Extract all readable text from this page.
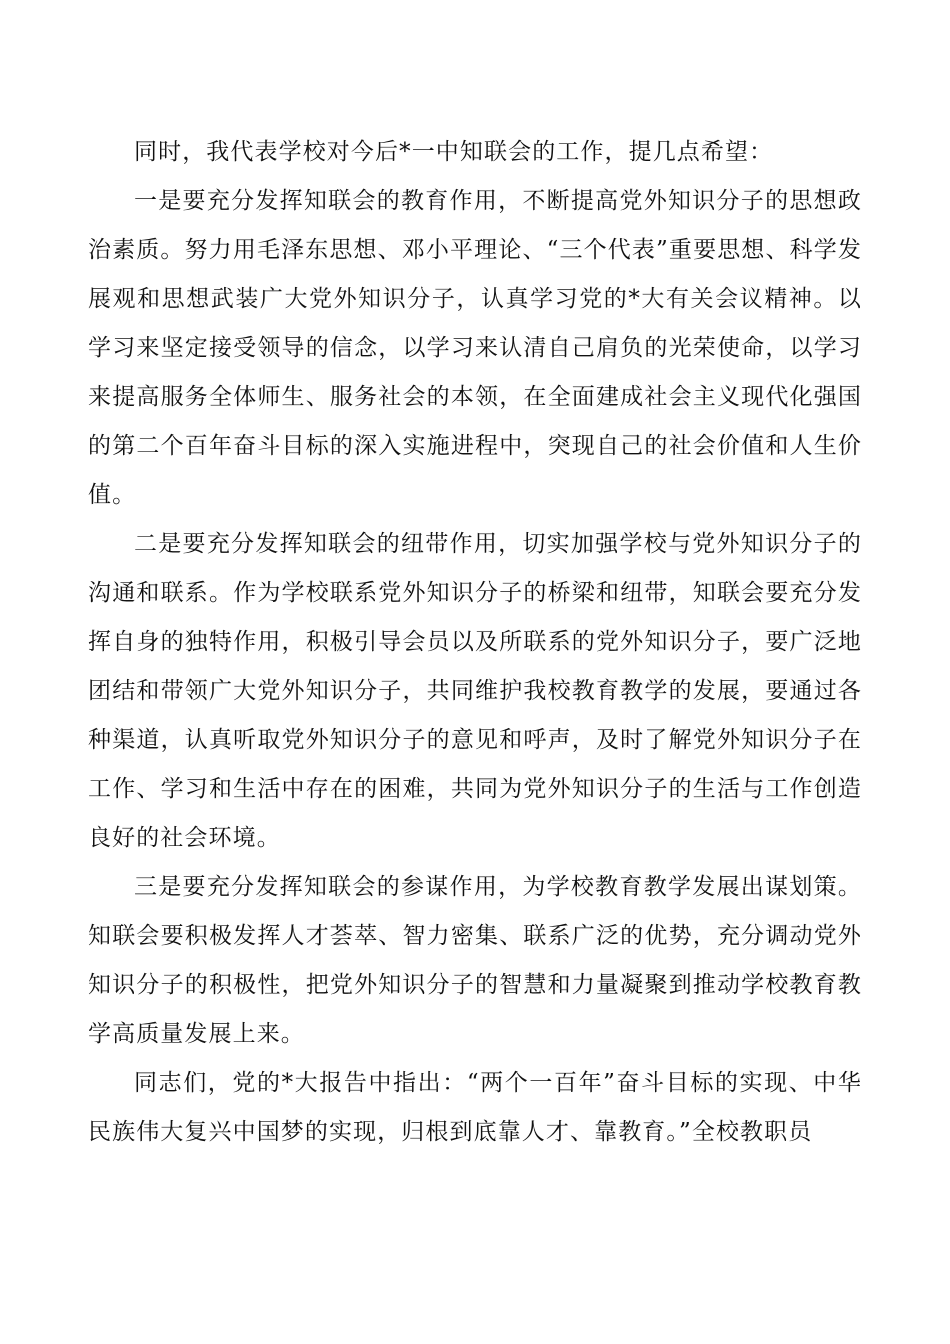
同时，我代表学校对今后*一中知联会的工作，提几点希望：

一是要充分发挥知联会的教育作用，不断提高党外知识分子的思想政治素质。努力用毛泽东思想、邓小平理论、“三个代表”重要思想、科学发展观和思想武装广大党外知识分子，认真学习党的*大有关会议精神。以学习来坚定接受领导的信念，以学习来认清自己肩负的光荣使命，以学习来提高服务全体师生、服务社会的本领，在全面建成社会主义现代化强国的第二个百年奋斗目标的深入实施进程中，突现自己的社会价值和人生价值。

二是要充分发挥知联会的纽带作用，切实加强学校与党外知识分子的沟通和联系。作为学校联系党外知识分子的桥梁和纽带，知联会要充分发挥自身的独特作用，积极引导会员以及所联系的党外知识分子，要广泛地团结和带领广大党外知识分子，共同维护我校教育教学的发展，要通过各种渠道，认真听取党外知识分子的意见和呼声，及时了解党外知识分子在工作、学习和生活中存在的困难，共同为党外知识分子的生活与工作创造良好的社会环境。

三是要充分发挥知联会的参谋作用，为学校教育教学发展出谋划策。知联会要积极发挥人才荟萃、智力密集、联系广泛的优势，充分调动党外知识分子的积极性，把党外知识分子的智慧和力量凝聚到推动学校教育教学高质量发展上来。

同志们，党的*大报告中指出：“两个一百年”奋斗目标的实现、中华民族伟大复兴中国梦的实现，归根到底靠人才、靠教育。”全校教职员
